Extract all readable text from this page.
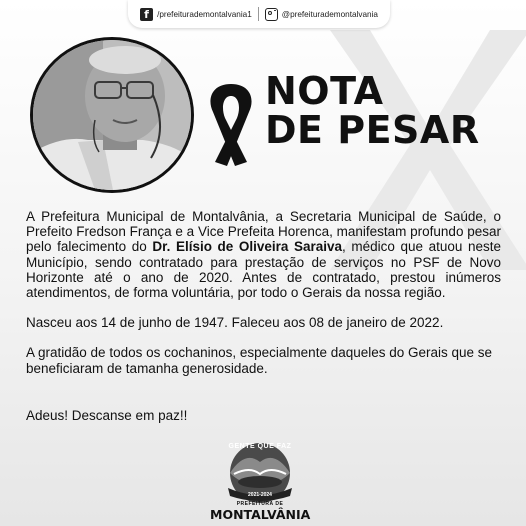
f /prefeiturademontalvania1	@prefeiturademontalvania
NOTA
DE PESAR

A Prefeitura Municipal de Montalvânia, a Secretaria Municipal de Saúde, o Prefeito Fredson França e a Vice Prefeita Horenca, manifestam profundo pesar pelo falecimento do Dr. Elísio de Oliveira Saraiva, médico que atuou neste Município, sendo contratado para prestação de serviços no PSF de Novo Horizonte até o ano de 2020. Antes de contratado, prestou inúmeros atendimentos, de forma voluntária, por todo o Gerais da nossa região.

Nasceu aos 14 de junho de 1947. Faleceu aos 08 de janeiro de 2022.

A gratidão de todos os cochaninos, especialmente daqueles do Gerais que se beneficiaram de tamanha generosidade.

Adeus! Descanse em paz!!

GENTE QUE FAZ
2021-2024
PREFEITURA DE
MONTALVÂNIA
